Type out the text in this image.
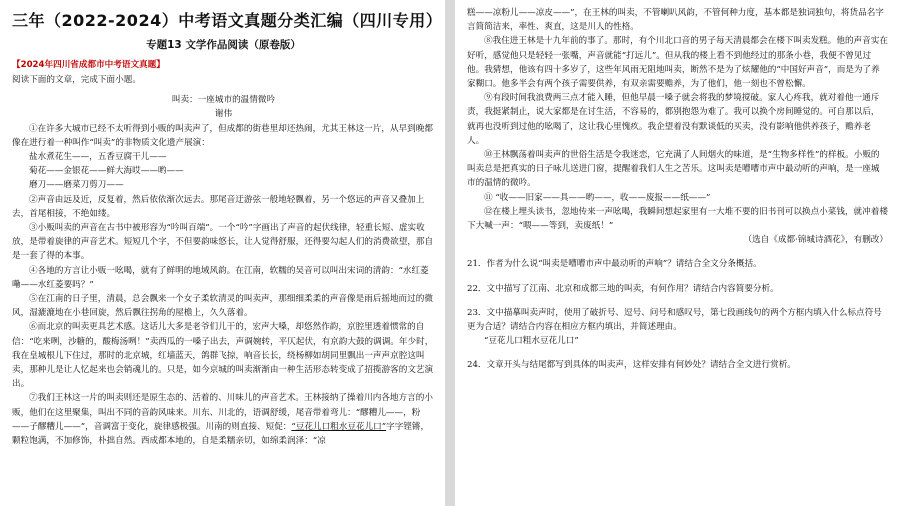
三年（2022-2024）中考语文真题分类汇编（四川专用）
专题13 文学作品阅读（原卷版）
【2024年四川省成都市中考语文真题】

阅读下面的文章，完成下面小题。

叫卖：一座城市的温情微吟

谢伟

①在许多大城市已经不太听得到小贩的叫卖声了，但成都的街巷里却还热闹，尤其王林这一片，从早到晚都像在进行着一种叫作“叫卖”的非物质文化遗产展演：

盐水煮花生——，五香豆腐干儿——

菊花——金银花——鲜大海哎——哟——

磨刀——磨菜刀剪刀——

②声音由远及近，反复着，然后依依渐次远去。那尾音迂游弦一般地轻飘着，另一个悠远的声音又叠加上去，首尾相接，不绝如缕。

③小贩叫卖的声音在古书中被形容为“吟叫百端”。一个“吟”字画出了声音的起伏线律，轻重长短、虚实收放，是带着旋律的声音艺术。短短几个字，不但要韵味悠长，让人觉得舒服，还得要勾起人们的消费欲望，那自是一套了得的本事。

④各地的方言让小贩一吆喝，就有了鲜明的地域风韵。在江南，软糯的吴音可以叫出宋词的清韵：“水红菱嘞——水红菱要吗？”

⑤在江南的日子里，清晨，总会飘来一个女子柔软清灵的叫卖声，那细细柔柔的声音像是雨后摇地而过的微风，湿漉漉地在小巷回旋，然后飘往拐角的屋檐上，久久落着。

⑥而北京的叫卖更具艺术感。这话儿大多是老爷们儿干的，宏声大嗓，却悠然作韵，京腔里透着惯常的自信：“吃来咧，沙糖的，酸梅汤咧！”卖西瓜的一嗓子出去，声调婉转，平仄起伏，有京韵大鼓的调调。年少时，我在皇城根儿下住过，那时的北京城，红墙蓝天，鸽群飞掠，响音长长，绕杨柳如胡同里飘出一声声京腔这叫卖，那种儿是让人忆起来也会销魂儿的。只是，如今京城的叫卖渐渐由一种生活形态转变成了招揽游客的文艺演出。

⑦我们王林这一片的叫卖则还是原生态的、活着的、川味儿的声音艺术。王林接纳了操着川内各地方言的小贩，他们在这里聚集，叫出不同的音韵风味来。川东、川北的，语调舒缓，尾音带着弯儿：“醪糟儿——，粉——子醪糟儿——”，音调富于变化，旋律感极强。川南的则直接、短促：“豆花儿口粗水豆花儿口”字字铿锵，颗粒饱满，不加修饰，朴拙自然。西成都本地的，自是柔糯亲切，如绵柔润泽：“凉

糕——凉粉儿——凉皮——”，在王林的叫卖，不管喇叭风韵，不管何种力度，基本都是独词独句，将货品名字言简简洁来，率性、爽直，这是川人的性格。

⑧我住进王林是十九年前的事了。那时，有个川北口音的男子每天清晨都会在楼下叫卖发糕。他的声音实在好听，感觉他只是轻轻一张嘴，声音就能“打远儿”。但从我的楼上看不到他经过的那条小巷，我便不曾见过他。我猜想，他该有四十多岁了，这些年风雨无阻地叫卖，断然不是为了炫耀他的“中国好声音”，而是为了养家糊口。他多半会有两个孩子需要供养，有双亲需要赡养，为了他们，他一刻也不曾松懈。

⑨有段时间我浪费两三点才能入睡，但他早晨一嗓子就会将我的梦境搅破。家人心疼我，就对着他一通斥责，我挺紧制止，说大家都是在讨生活，不容易的，都别抱怨为难了。我可以换个房间睡觉的。可自那以后，就再也没听到过他的吆喝了，这让我心里愧疚。我企望着没有默谈低的买卖，没有影响他供养孩子，赡养老人。

⑩王林飘荡着叫卖声的世俗生活是令我迷恋，它充满了人间烟火的味道，是“生物多样性”的样板。小贩的叫卖总是把真实的日子咏儿送进门窗，提醒着我们人生之苦乐。这叫卖是嘈嘈市声中最动听的声响，是一座城市的温情的微吟。

⑪ “收——旧家——具——哟——，收——废报——纸——”

⑫在楼上埋头读书，忽地传来一声吆喝，我瞬间想起家里有一大堆不要的旧书刊可以换点小菜钱，就冲着楼下大喊一声：“喂——等到，卖废纸！”

（选自《成都·锦城诗酒花》，有删改）

21．作者为什么说“叫卖是嘈嘈市声中最动听的声响”？请结合全文分条概括。

22．文中描写了江南、北京和成都三地的叫卖，有何作用？请结合内容简要分析。

23．文中描摹叫卖声时，使用了破折号、逗号、问号和感叹号，第七段画线句的两个方框内填入什么标点符号更为合适？请结合内容在相应方框内填出，并简述理由。

“豆花儿口粗水豆花儿口”

24．文章开头与结尾都写到具体的叫卖声，这样安排有何妙处？请结合全文进行赏析。
